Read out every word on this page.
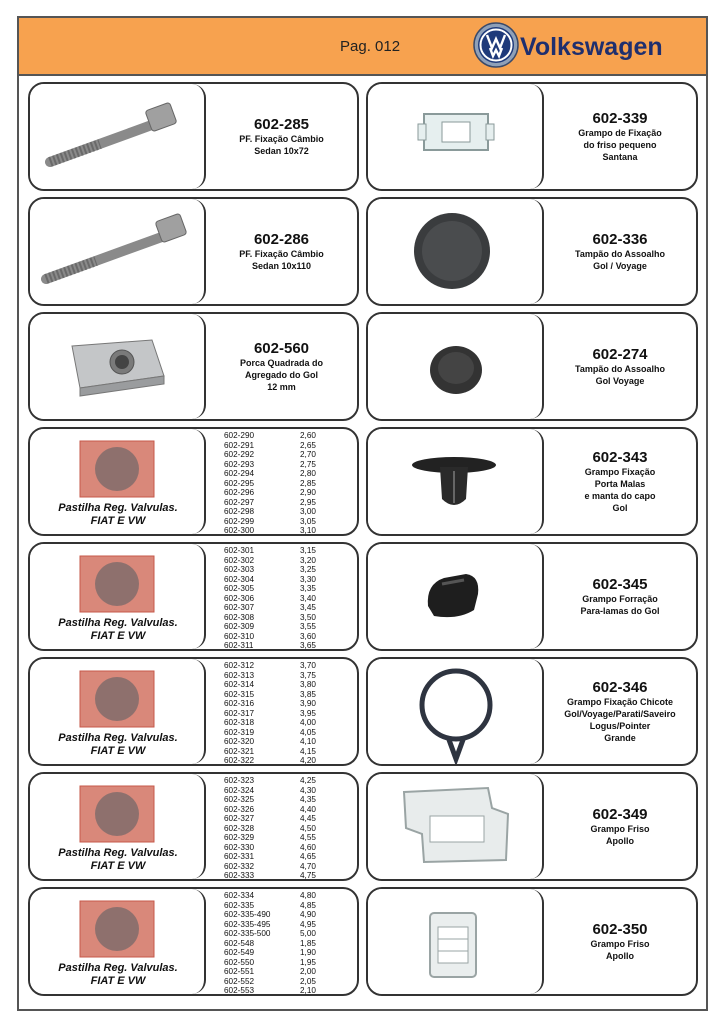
Pag. 012	Volkswagen
602-285
PF. Fixação Câmbio
Sedan 10x72
602-286
PF. Fixação Câmbio
Sedan 10x110
602-560
Porca Quadrada do
Agregado do Gol
12 mm
Pastilha Reg. Valvulas.
FIAT E VW
602-290	2,60
602-291	2,65
602-292	2,70
602-293	2,75
602-294	2,80
602-295	2,85
602-296	2,90
602-297	2,95
602-298	3,00
602-299	3,05
602-300	3,10
Pastilha Reg. Valvulas.
FIAT E VW
602-301	3,15
602-302	3,20
602-303	3,25
602-304	3,30
602-305	3,35
602-306	3,40
602-307	3,45
602-308	3,50
602-309	3,55
602-310	3,60
602-311	3,65
Pastilha Reg. Valvulas.
FIAT E VW
602-312	3,70
602-313	3,75
602-314	3,80
602-315	3,85
602-316	3,90
602-317	3,95
602-318	4,00
602-319	4,05
602-320	4,10
602-321	4,15
602-322	4,20
Pastilha Reg. Valvulas.
FIAT E VW
602-323	4,25
602-324	4,30
602-325	4,35
602-326	4,40
602-327	4,45
602-328	4,50
602-329	4,55
602-330	4,60
602-331	4,65
602-332	4,70
602-333	4,75
Pastilha Reg. Valvulas.
FIAT E VW
602-334	4,80
602-335	4,85
602-335-490	4,90
602-335-495	4,95
602-335-500	5,00
602-548	1,85
602-549	1,90
602-550	1,95
602-551	2,00
602-552	2,05
602-553	2,10
602-339
Grampo de Fixação
do friso pequeno
Santana
602-336
Tampão do Assoalho
Gol / Voyage
602-274
Tampão do Assoalho
Gol Voyage
602-343
Grampo Fixação
Porta Malas
e manta do capo
Gol
602-345
Grampo Forração
Para-lamas do Gol
602-346
Grampo Fixação Chicote
Gol/Voyage/Parati/Saveiro
Logus/Pointer
Grande
602-349
Grampo Friso
Apollo
602-350
Grampo Friso
Apollo
